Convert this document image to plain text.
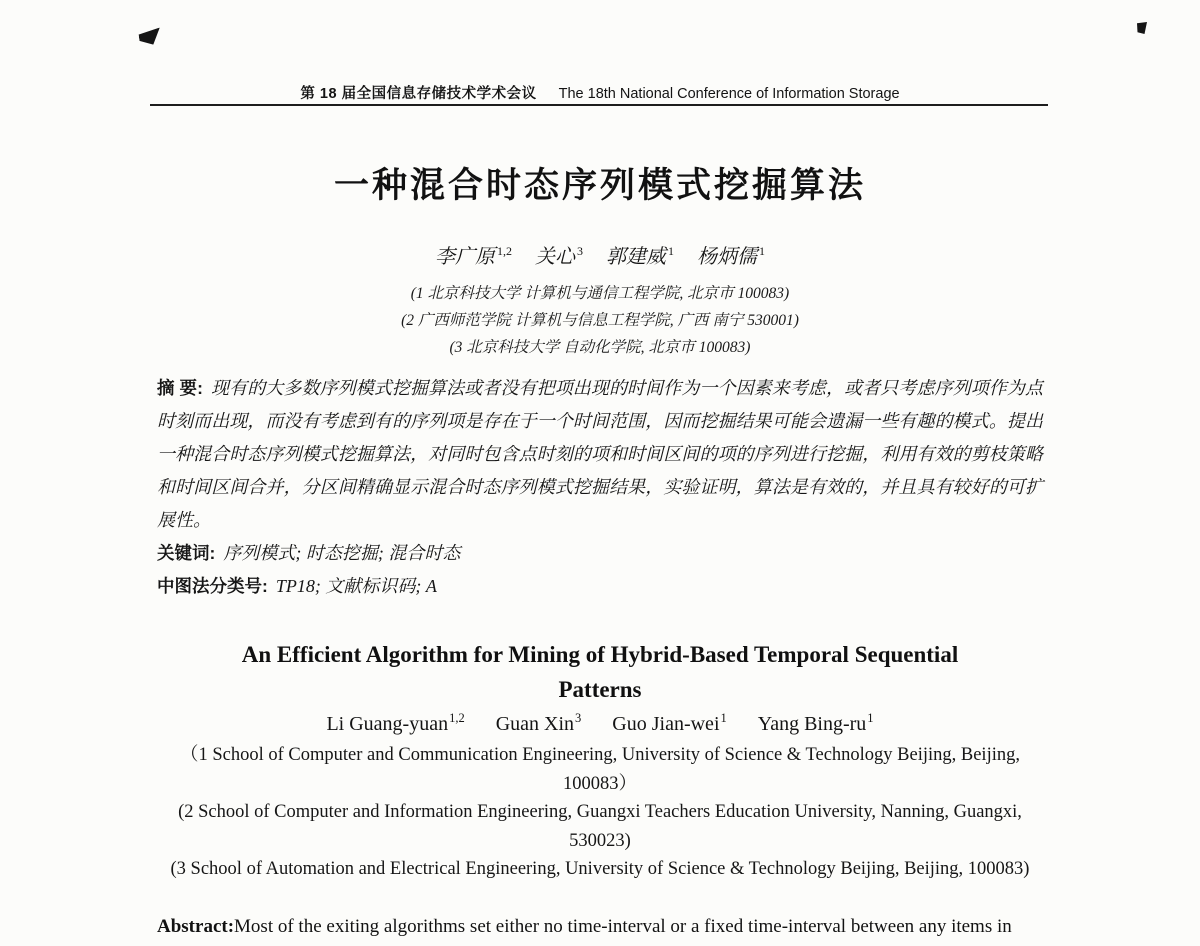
第 18 届全国信息存储技术学术会议 The 18th National Conference of Information Storage
一种混合时态序列模式挖掘算法
李广原 $^{1,2}$ 关心 $^3$ 郭建威 $^1$ 杨炳儒 $^1$
(1 北京科技大学 计算机与通信工程学院, 北京市 100083)
(2 广西师范学院 计算机与信息工程学院, 广西 南宁 530001)
(3 北京科技大学 自动化学院, 北京市 100083)

摘 要: 现有的大多数序列模式挖掘算法或者没有把项出现的时间作为一个因素来考虑，或者只考虑序列项作为点时刻而出现，而没有考虑到有的序列项是存在于一个时间范围，因而挖掘结果可能会遗漏一些有趣的模式。提出一种混合时态序列模式挖掘算法，对同时包含点时刻的项和时间区间的项的序列进行挖掘，利用有效的剪枝策略和时间区间合并，分区间精确显示混合时态序列模式挖掘结果，实验证明，算法是有效的，并且具有较好的可扩展性。

关键词: 序列模式; 时态挖掘; 混合时态

中图法分类号: TP18; 文献标识码; A

An Efficient Algorithm for Mining of Hybrid-Based Temporal Sequential Patterns
Li Guang-yuan$^{1,2}$ Guan Xin$^3$ Guo Jian-wei$^1$ Yang Bing-$ru^1$
（1 School of Computer and Communication Engineering, University of Science & Technology Beijing, Beijing, 100083）
(2 School of Computer and Information Engineering, Guangxi Teachers Education University, Nanning, Guangxi, 530023)
(3 School of Automation and Electrical Engineering, University of Science & Technology Beijing, Beijing, 100083)
Abstract:Most of the exiting algorithms set either no time-interval or a fixed time-interval between any items in
